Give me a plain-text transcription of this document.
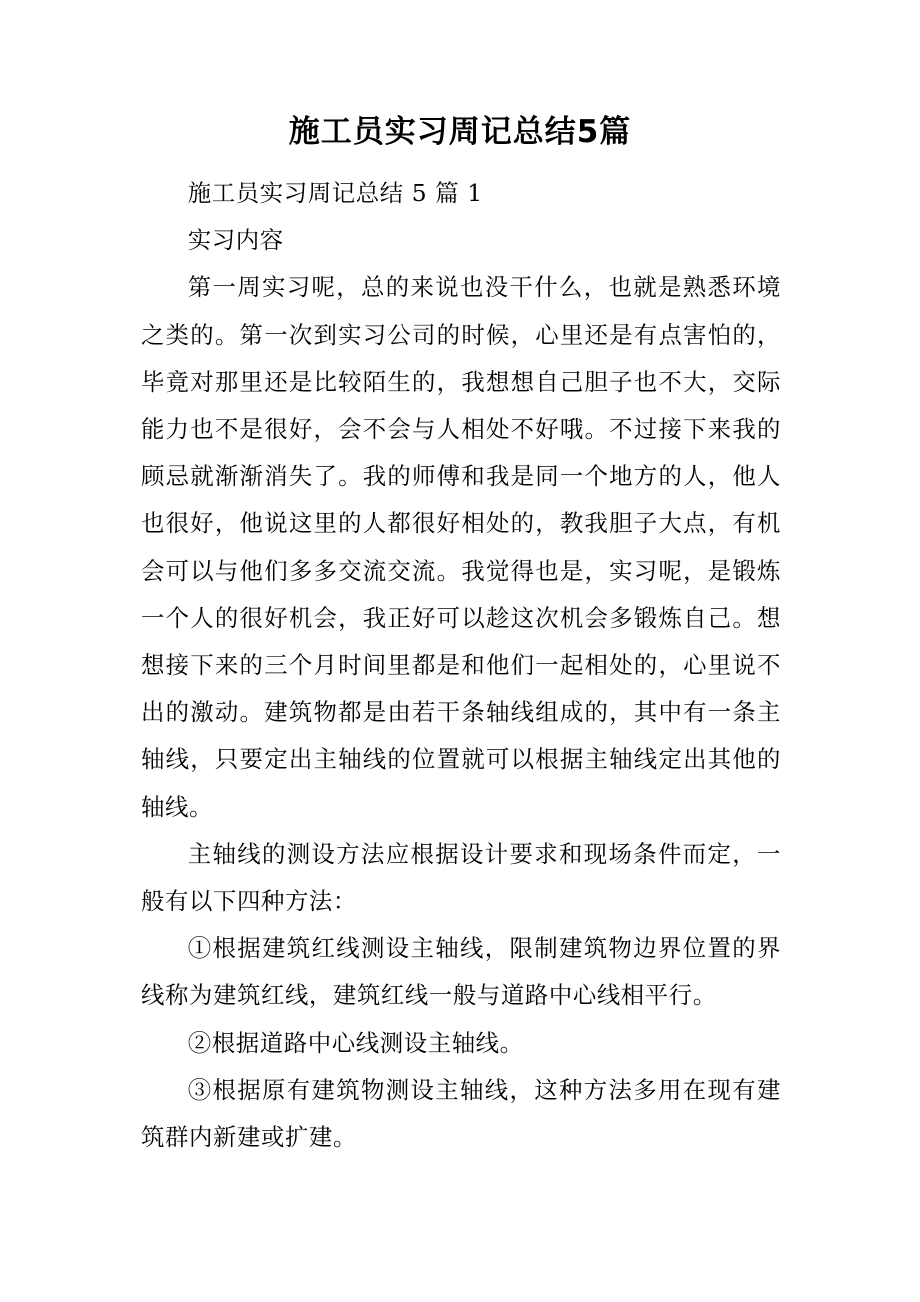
施工员实习周记总结5篇

施工员实习周记总结 5 篇 1

实习内容

第一周实习呢，总的来说也没干什么，也就是熟悉环境之类的。第一次到实习公司的时候，心里还是有点害怕的，毕竟对那里还是比较陌生的，我想想自己胆子也不大，交际能力也不是很好，会不会与人相处不好哦。不过接下来我的顾忌就渐渐消失了。我的师傅和我是同一个地方的人，他人也很好，他说这里的人都很好相处的，教我胆子大点，有机会可以与他们多多交流交流。我觉得也是，实习呢，是锻炼一个人的很好机会，我正好可以趁这次机会多锻炼自己。想想接下来的三个月时间里都是和他们一起相处的，心里说不出的激动。建筑物都是由若干条轴线组成的，其中有一条主轴线，只要定出主轴线的位置就可以根据主轴线定出其他的轴线。

主轴线的测设方法应根据设计要求和现场条件而定，一般有以下四种方法：

①根据建筑红线测设主轴线，限制建筑物边界位置的界线称为建筑红线，建筑红线一般与道路中心线相平行。

②根据道路中心线测设主轴线。

③根据原有建筑物测设主轴线，这种方法多用在现有建筑群内新建或扩建。
